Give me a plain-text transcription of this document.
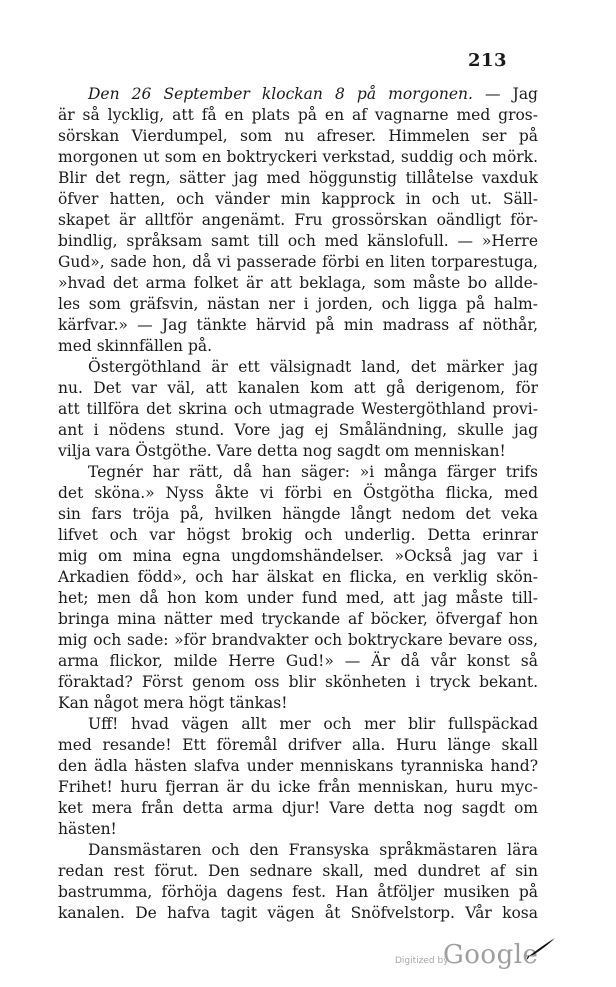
213
Den 26 September klockan 8 på morgonen. — Jag
är så lycklig, att få en plats på en af vagnarne med gros-
sörskan Vierdumpel, som nu afreser. Himmelen ser på
morgonen ut som en boktryckeri verkstad, suddig och mörk.
Blir det regn, sätter jag med höggunstig tillåtelse vaxduk
öfver hatten, och vänder min kapprock in och ut. Säll-
skapet är alltför angenämt. Fru grossörskan oändligt för-
bindlig, språksam samt till och med känslofull. — »Herre
Gud», sade hon, då vi passerade förbi en liten torparestuga,
»hvad det arma folket är att beklaga, som måste bo allde-
les som gräfsvin, nästan ner i jorden, och ligga på halm-
kärfvar.» — Jag tänkte härvid på min madrass af nöthår,
med skinnfällen på.
Östergöthland är ett välsignadt land, det märker jag
nu. Det var väl, att kanalen kom att gå derigenom, för
att tillföra det skrina och utmagrade Westergöthland provi-
ant i nödens stund. Vore jag ej Småländning, skulle jag
vilja vara Östgöthe. Vare detta nog sagdt om menniskan!
Tegnér har rätt, då han säger: »i många färger trifs
det sköna.» Nyss åkte vi förbi en Östgötha flicka, med
sin fars tröja på, hvilken hängde långt nedom det veka
lifvet och var högst brokig och underlig. Detta erinrar
mig om mina egna ungdomshändelser. »Också jag var i
Arkadien född», och har älskat en flicka, en verklig skön-
het; men då hon kom under fund med, att jag måste till-
bringa mina nätter med tryckande af böcker, öfvergaf hon
mig och sade: »för brandvakter och boktryckare bevare oss,
arma flickor, milde Herre Gud!» — Är då vår konst så
föraktad? Först genom oss blir skönheten i tryck bekant.
Kan något mera högt tänkas!
Uff! hvad vägen allt mer och mer blir fullspäckad
med resande! Ett föremål drifver alla. Huru länge skall
den ädla hästen slafva under menniskans tyranniska hand?
Frihet! huru fjerran är du icke från menniskan, huru myc-
ket mera från detta arma djur! Vare detta nog sagdt om
hästen!
Dansmästaren och den Fransyska språkmästaren lära
redan rest förut. Den sednare skall, med dundret af sin
bastrumma, förhöja dagens fest. Han åtföljer musiken på
kanalen. De hafva tagit vägen åt Snöfvelstorp. Vår kosa
Digitized by
Google
